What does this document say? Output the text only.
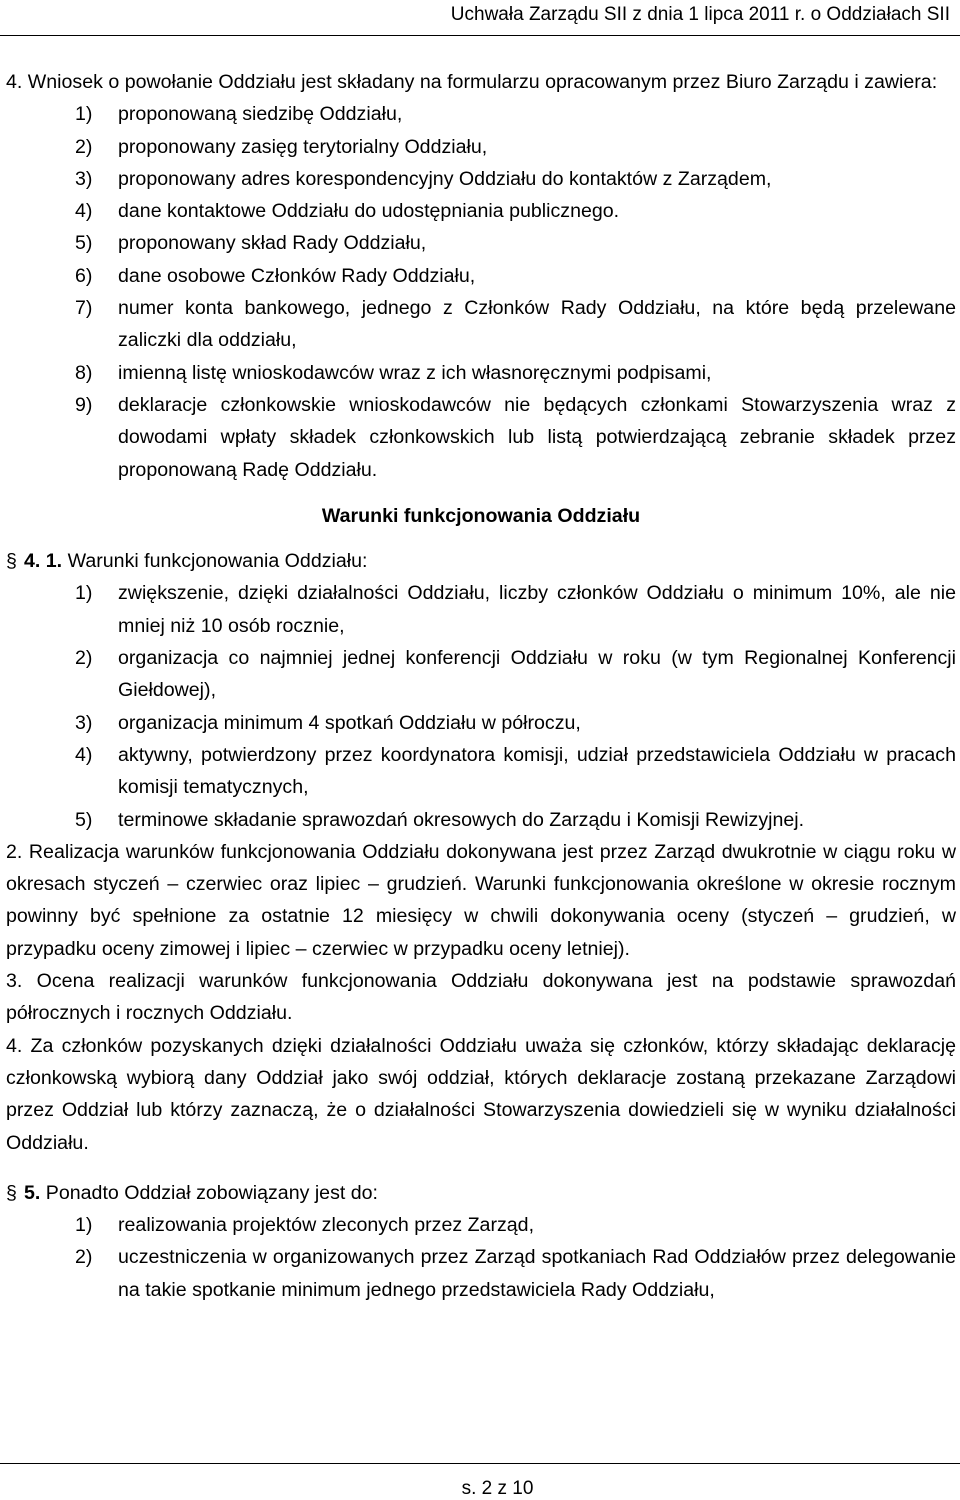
Uchwała Zarządu SII z dnia 1 lipca 2011 r. o Oddziałach SII
4. Wniosek o powołanie Oddziału jest składany na formularzu opracowanym przez Biuro Zarządu i zawiera:
1)	proponowaną siedzibę Oddziału,
2)	proponowany zasięg terytorialny Oddziału,
3)	proponowany adres korespondencyjny Oddziału do kontaktów z Zarządem,
4)	dane kontaktowe Oddziału do udostępniania publicznego.
5)	proponowany skład Rady Oddziału,
6)	dane osobowe Członków Rady Oddziału,
7)	numer konta bankowego, jednego z Członków Rady Oddziału, na które będą przelewane zaliczki dla oddziału,
8)	imienną listę wnioskodawców wraz z ich własnoręcznymi podpisami,
9)	deklaracje członkowskie wnioskodawców nie będących członkami Stowarzyszenia wraz z dowodami wpłaty składek członkowskich lub listą potwierdzającą zebranie składek przez proponowaną Radę Oddziału.
Warunki funkcjonowania Oddziału
§ 4. 1. Warunki funkcjonowania Oddziału:
1)	zwiększenie, dzięki działalności Oddziału, liczby członków Oddziału o minimum 10%, ale nie mniej niż 10 osób rocznie,
2)	organizacja co najmniej jednej konferencji Oddziału w roku (w tym Regionalnej Konferencji Giełdowej),
3)	organizacja minimum 4 spotkań Oddziału w półroczu,
4)	aktywny, potwierdzony przez koordynatora komisji, udział przedstawiciela Oddziału w pracach komisji tematycznych,
5)	terminowe składanie sprawozdań okresowych do Zarządu i Komisji Rewizyjnej.
2. Realizacja warunków funkcjonowania Oddziału dokonywana jest przez Zarząd dwukrotnie w ciągu roku w okresach styczeń – czerwiec oraz lipiec – grudzień. Warunki funkcjonowania określone w okresie rocznym powinny być spełnione za ostatnie 12 miesięcy w chwili dokonywania oceny (styczeń – grudzień, w przypadku oceny zimowej i lipiec – czerwiec w przypadku oceny letniej).
3. Ocena realizacji warunków funkcjonowania Oddziału dokonywana jest na podstawie sprawozdań półrocznych i rocznych Oddziału.
4. Za członków pozyskanych dzięki działalności Oddziału uważa się członków, którzy składając deklarację członkowską wybiorą dany Oddział jako swój oddział, których deklaracje zostaną przekazane Zarządowi przez Oddział lub którzy zaznaczą, że o działalności Stowarzyszenia dowiedzieli się w wyniku działalności Oddziału.
§ 5. Ponadto Oddział zobowiązany jest do:
1)	realizowania projektów zleconych przez Zarząd,
2)	uczestniczenia w organizowanych przez Zarząd spotkaniach Rad Oddziałów przez delegowanie na takie spotkanie minimum jednego przedstawiciela Rady Oddziału,
s. 2 z 10
